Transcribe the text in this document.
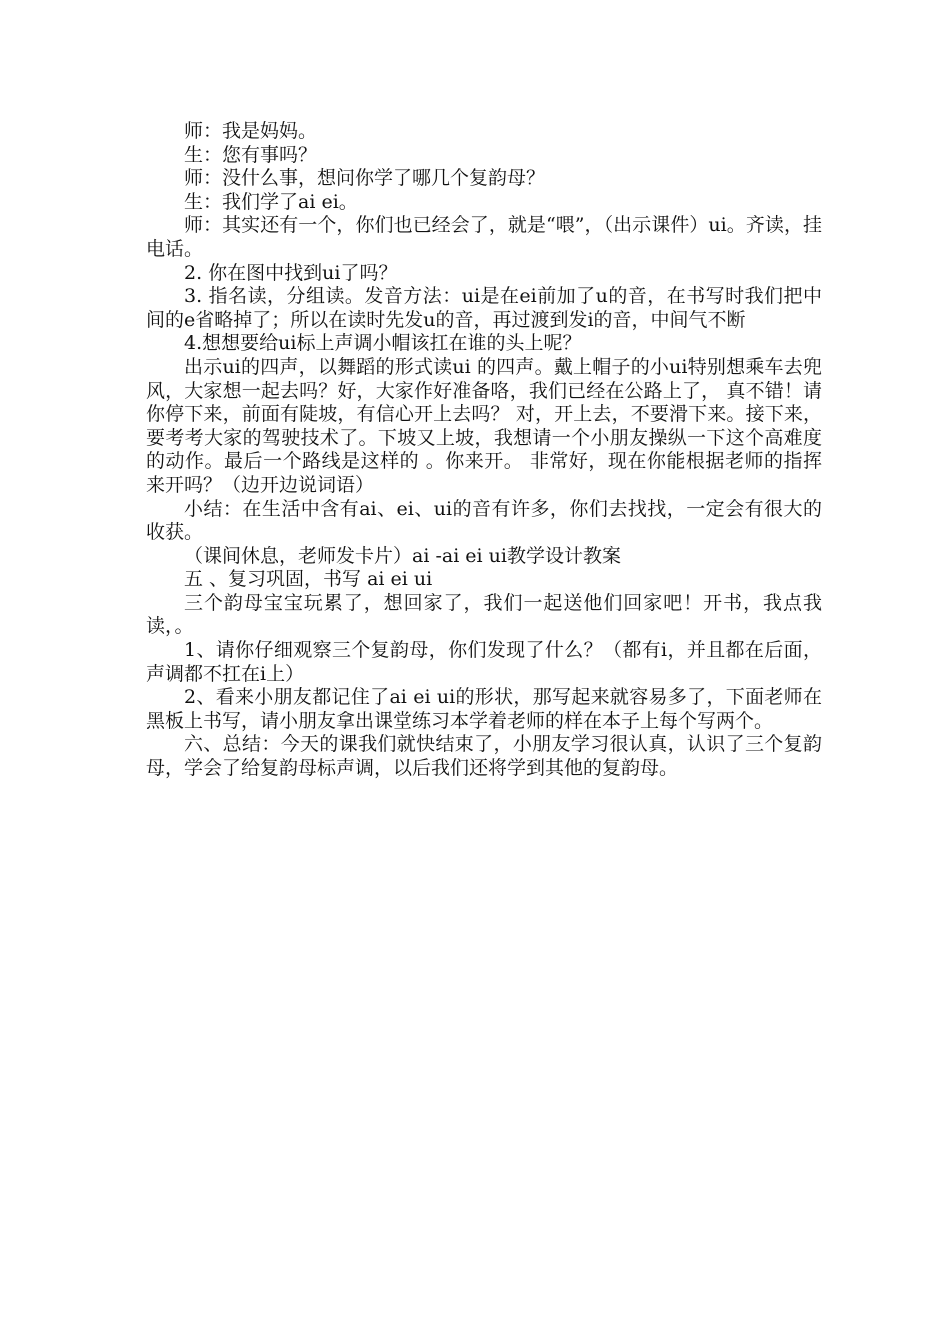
师：我是妈妈。

生：您有事吗？

师：没什么事，想问你学了哪几个复韵母？

生：我们学了ai ei。

师：其实还有一个，你们也已经会了，就是“喂”，（出示课件）ui。齐读，挂电话。

2. 你在图中找到ui了吗？

3. 指名读，分组读。发音方法：ui是在ei前加了u的音，在书写时我们把中间的e省略掉了；所以在读时先发u的音，再过渡到发i的音，中间气不断

4.想想要给ui标上声调小帽该扛在谁的头上呢？

出示ui的四声，以舞蹈的形式读ui 的四声。戴上帽子的小ui特别想乘车去兜风，大家想一起去吗？好，大家作好准备咯，我们已经在公路上了， 真不错！请你停下来，前面有陡坡，有信心开上去吗？ 对，开上去，不要滑下来。接下来，要考考大家的驾驶技术了。下坡又上坡，我想请一个小朋友操纵一下这个高难度的动作。最后一个路线是这样的 。你来开。 非常好，现在你能根据老师的指挥来开吗？（边开边说词语）

小结：在生活中含有ai、ei、ui的音有许多，你们去找找，一定会有很大的收获。

（课间休息，老师发卡片）ai -ai ei ui教学设计教案

五 、复习巩固，书写 ai ei ui

三个韵母宝宝玩累了，想回家了，我们一起送他们回家吧！开书，我点我读，。

1、请你仔细观察三个复韵母，你们发现了什么？（都有i，并且都在后面，声调都不扛在i上）

2、看来小朋友都记住了ai ei ui的形状，那写起来就容易多了，下面老师在黑板上书写，请小朋友拿出课堂练习本学着老师的样在本子上每个写两个。

六、总结：今天的课我们就快结束了，小朋友学习很认真，认识了三个复韵母，学会了给复韵母标声调，以后我们还将学到其他的复韵母。
